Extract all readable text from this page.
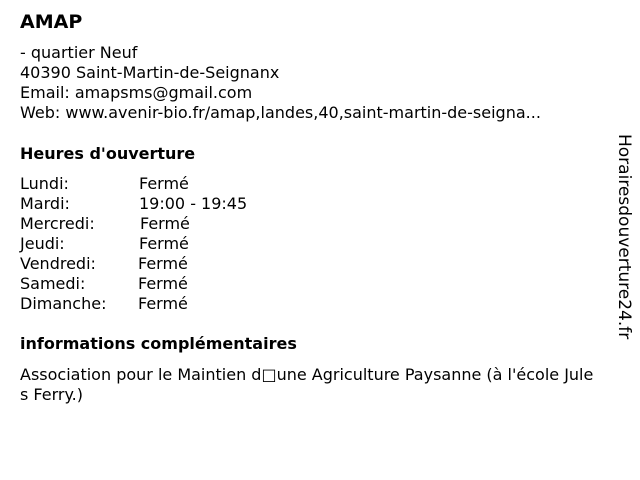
AMAP
- quartier Neuf
40390 Saint-Martin-de-Seignanx
Email: amapsms@gmail.com
Web: www.avenir-bio.fr/amap,landes,40,saint-martin-de-seigna...
Heures d'ouverture
Lundi:	Fermé
Mardi:	19:00 - 19:45
Mercredi:	Fermé
Jeudi:	Fermé
Vendredi:	Fermé
Samedi:	Fermé
Dimanche: Fermé
informations complémentaires
Association pour le Maintien d□une Agriculture Paysanne (à l'école Jules Ferry.)
Horairesdouverture24.fr
